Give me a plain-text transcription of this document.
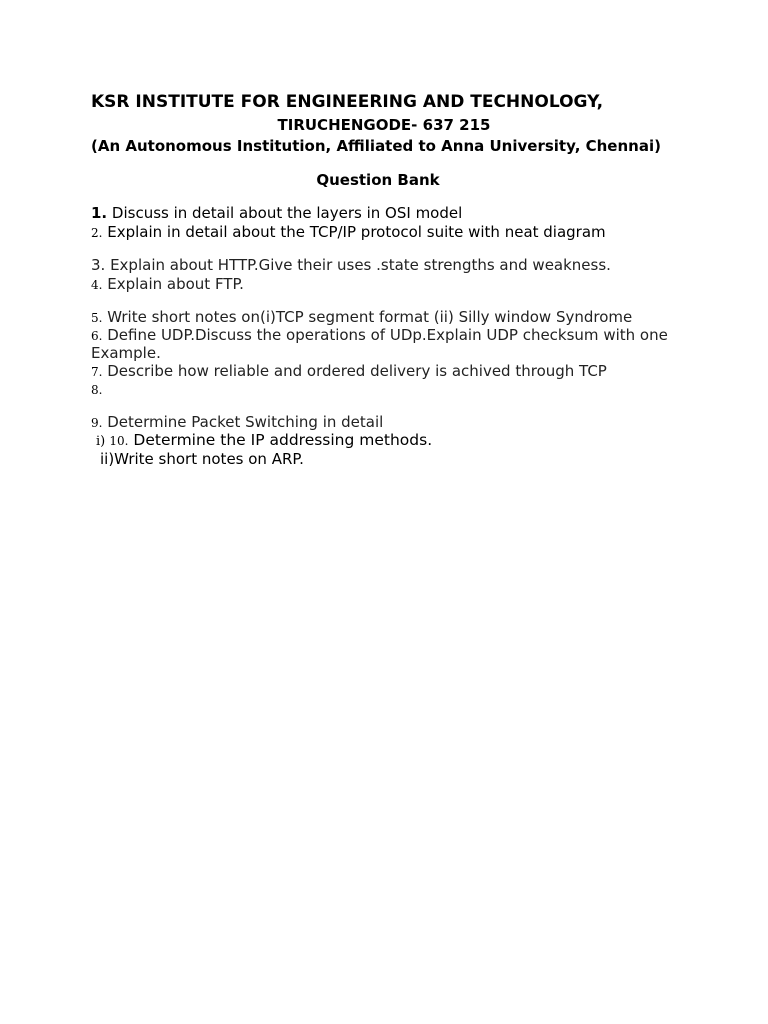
KSR INSTITUTE FOR ENGINEERING AND TECHNOLOGY,
TIRUCHENGODE- 637 215
(An Autonomous Institution, Affiliated to Anna University, Chennai)
Question Bank
1. Discuss in detail about the layers in OSI model
2. Explain in detail about the TCP/IP protocol suite with neat diagram
3. Explain about HTTP.Give their uses .state strengths and weakness.
4. Explain about FTP.
5. Write short notes on(i)TCP segment format (ii) Silly window Syndrome
6. Define UDP.Discuss the operations of UDp.Explain UDP checksum with one
Example.
7. Describe how reliable and ordered delivery is achived through TCP
8.
9. Determine Packet Switching in detail
i) 10. Determine the IP addressing methods.
ii)Write short notes on ARP.
